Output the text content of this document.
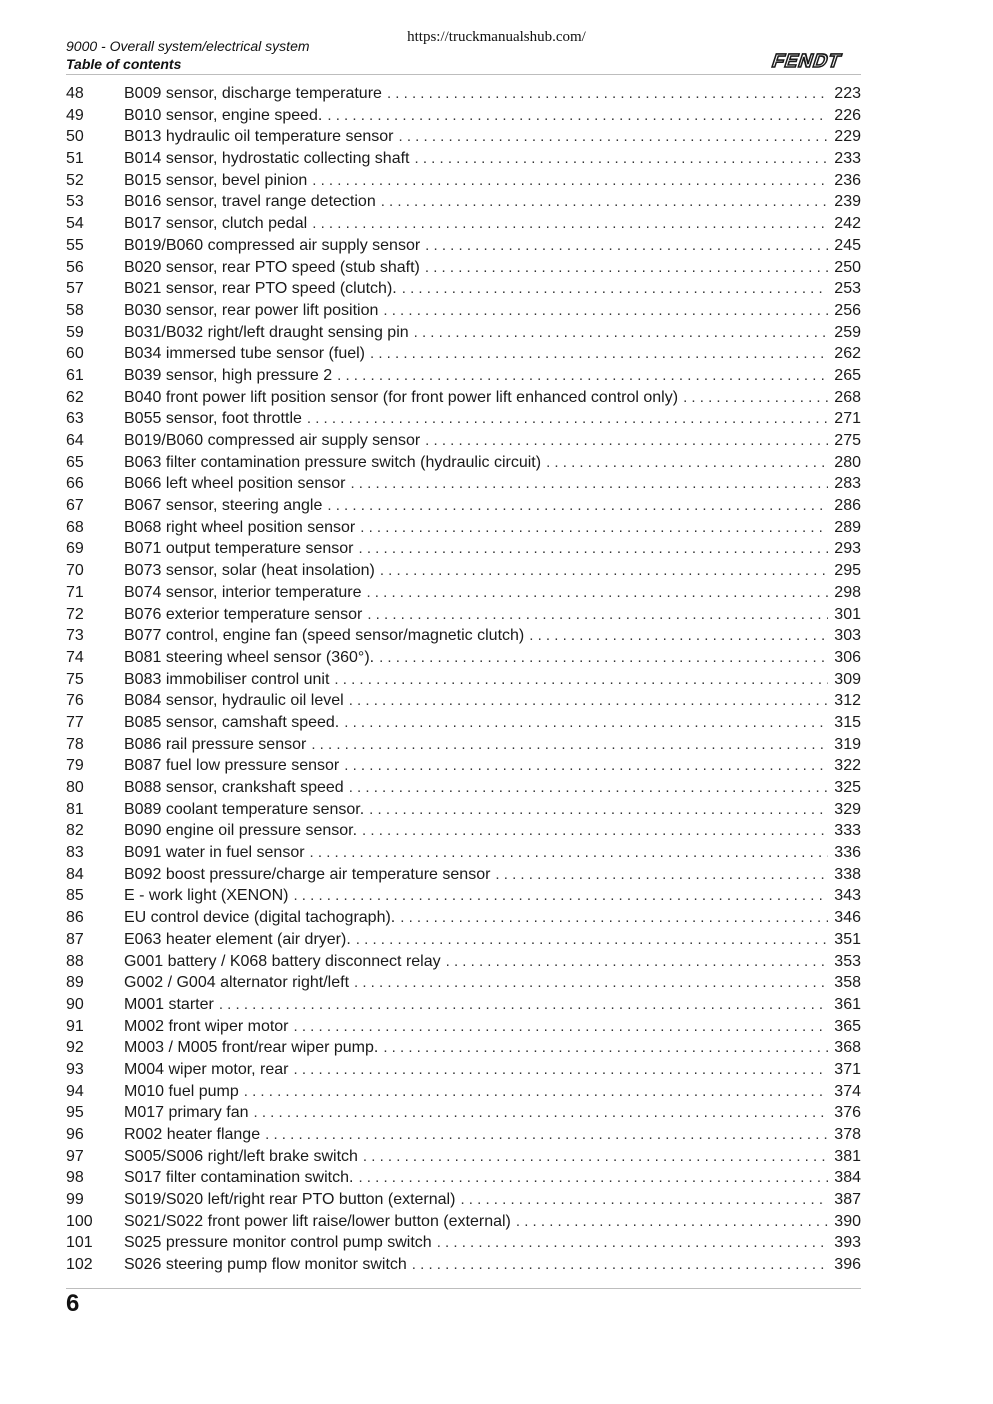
https://truckmanualshub.com/
9000 - Overall system/electrical system
Table of contents	FENDT
48	B009 sensor, discharge temperature . . .	223
49	B010 sensor, engine speed. . . .	226
50	B013 hydraulic oil temperature sensor . . .	229
51	B014 sensor, hydrostatic collecting shaft . . .	233
52	B015 sensor, bevel pinion . . .	236
53	B016 sensor, travel range detection . . .	239
54	B017 sensor, clutch pedal . . .	242
55	B019/B060 compressed air supply sensor . . .	245
56	B020 sensor, rear PTO speed (stub shaft) . . .	250
57	B021 sensor, rear PTO speed (clutch). . . .	253
58	B030 sensor, rear power lift position . . .	256
59	B031/B032 right/left draught sensing pin . . .	259
60	B034 immersed tube sensor (fuel) . . .	262
61	B039 sensor, high pressure 2 . . .	265
62	B040 front power lift position sensor (for front power lift enhanced control only) . . .	268
63	B055 sensor, foot throttle . . .	271
64	B019/B060 compressed air supply sensor . . .	275
65	B063 filter contamination pressure switch (hydraulic circuit) . . .	280
66	B066 left wheel position sensor . . .	283
67	B067 sensor, steering angle . . .	286
68	B068 right wheel position sensor . . .	289
69	B071 output temperature sensor . . .	293
70	B073 sensor, solar (heat insolation) . . .	295
71	B074 sensor, interior temperature . . .	298
72	B076 exterior temperature sensor . . .	301
73	B077 control, engine fan (speed sensor/magnetic clutch) . . .	303
74	B081 steering wheel sensor (360°). . . .	306
75	B083 immobiliser control unit . . .	309
76	B084 sensor, hydraulic oil level . . .	312
77	B085 sensor, camshaft speed. . . .	315
78	B086 rail pressure sensor . . .	319
79	B087 fuel low pressure sensor . . .	322
80	B088 sensor, crankshaft speed . . .	325
81	B089 coolant temperature sensor. . . .	329
82	B090 engine oil pressure sensor. . . .	333
83	B091 water in fuel sensor . . .	336
84	B092 boost pressure/charge air temperature sensor . . .	338
85	E - work light (XENON) . . .	343
86	EU control device (digital tachograph). . . .	346
87	E063 heater element (air dryer). . . .	351
88	G001 battery / K068 battery disconnect relay . . .	353
89	G002 / G004 alternator right/left . . .	358
90	M001 starter . . .	361
91	M002 front wiper motor . . .	365
92	M003 / M005 front/rear wiper pump. . . .	368
93	M004 wiper motor, rear . . .	371
94	M010 fuel pump . . .	374
95	M017 primary fan . . .	376
96	R002 heater flange . . .	378
97	S005/S006 right/left brake switch . . .	381
98	S017 filter contamination switch. . . .	384
99	S019/S020 left/right rear PTO button (external) . . .	387
100 S021/S022 front power lift raise/lower button (external) . . .	390
101 S025 pressure monitor control pump switch . . .	393
102 S026 steering pump flow monitor switch . . .	396
6
